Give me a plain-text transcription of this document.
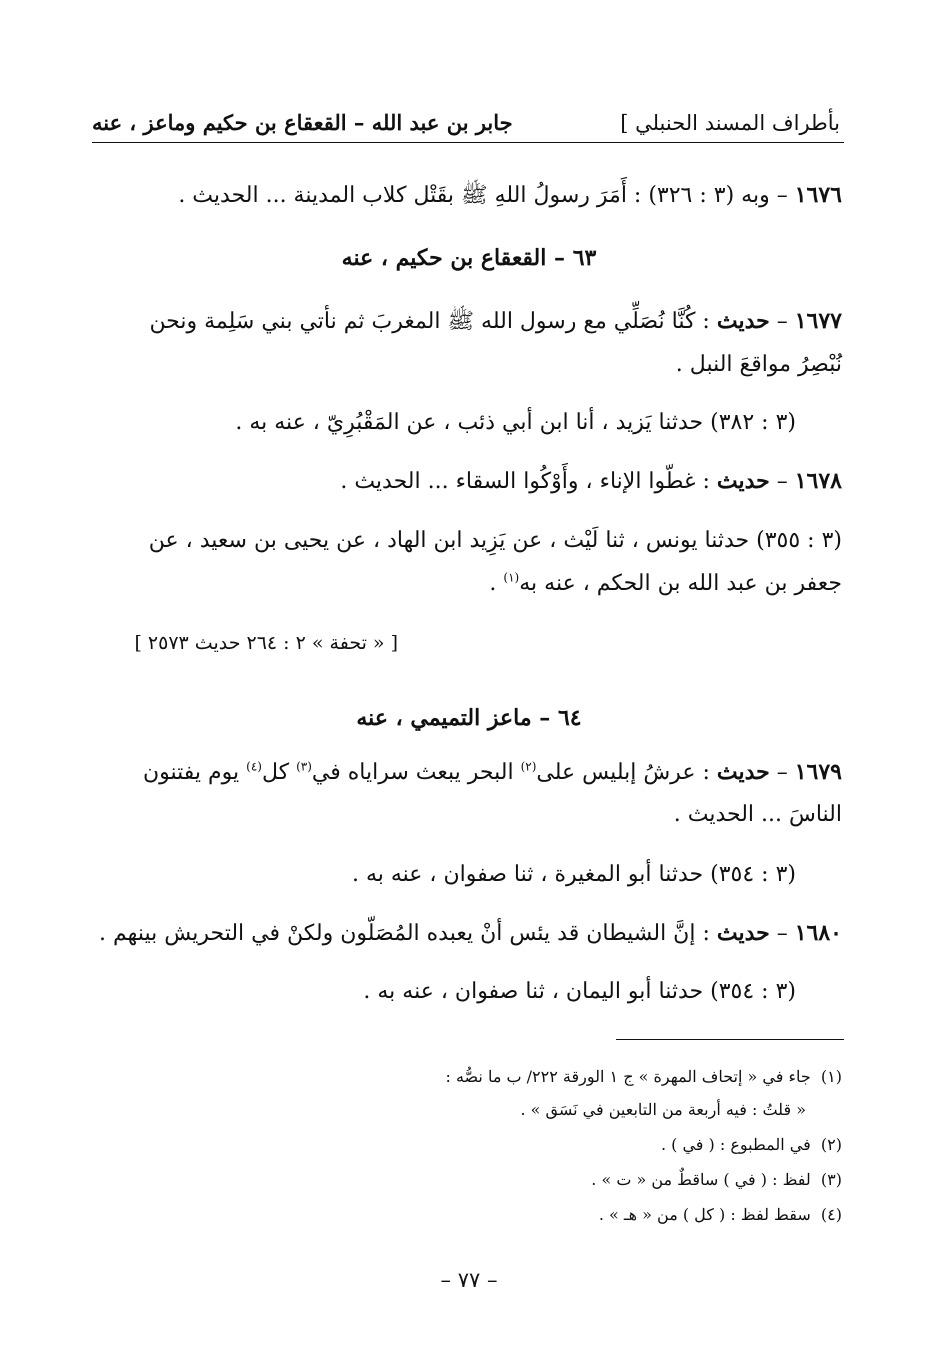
بأطراف المسند الحنبلي ]
جابر بن عبد الله – القعقاع بن حكيم وماعز ، عنه
١٦٧٦ – وبه (٣ : ٣٢٦) : أَمَرَ رسولُ اللهِ ﷺ بقَتْل كلاب المدينة ... الحديث .
٦٣ – القعقاع بن حكيم ، عنه
١٦٧٧ – حديث : كُنَّا نُصَلِّي مع رسول الله ﷺ المغربَ ثم نأتي بني سَلِمة ونحن
نُبْصِرُ مواقعَ النبل .
(٣ : ٣٨٢) حدثنا يَزيد ، أنا ابن أبي ذئب ، عن المَقْبُرِيّ ، عنه به .
١٦٧٨ – حديث : غطّوا الإناء ، وأَوْكُوا السقاء ... الحديث .
(٣ : ٣٥٥) حدثنا يونس ، ثنا لَيْث ، عن يَزِيد ابن الهاد ، عن يحيى بن سعيد ، عن
جعفر بن عبد الله بن الحكم ، عنه به$^{(١)}$ .
[ « تحفة » ٢ : ٢٦٤ حديث ٢٥٧٣ ]
٦٤ – ماعز التميمي ، عنه
١٦٧٩ – حديث : عرشُ إبليس على$^{(٢)}$ البحر يبعث سراياه في$^{(٣)}$ كل$^{(٤)}$ يوم يفتنون
الناسَ ... الحديث .
(٣ : ٣٥٤) حدثنا أبو المغيرة ، ثنا صفوان ، عنه به .
١٦٨٠ – حديث : إنَّ الشيطان قد يئس أنْ يعبده المُصَلّون ولكنْ في التحريش بينهم .
(٣ : ٣٥٤) حدثنا أبو اليمان ، ثنا صفوان ، عنه به .
(١)  جاء في « إتحاف المهرة » ج ١ الورقة ٢٢٢/ ب ما نصُّه :
« قلتُ : فيه أربعة من التابعين في نَسَق » .
(٢)  في المطبوع : ( في ) .
(٣)  لفظ : ( في ) ساقطٌ من « ت » .
(٤)  سقط لفظ : ( كل ) من « هـ » .
– ٧٧ –
